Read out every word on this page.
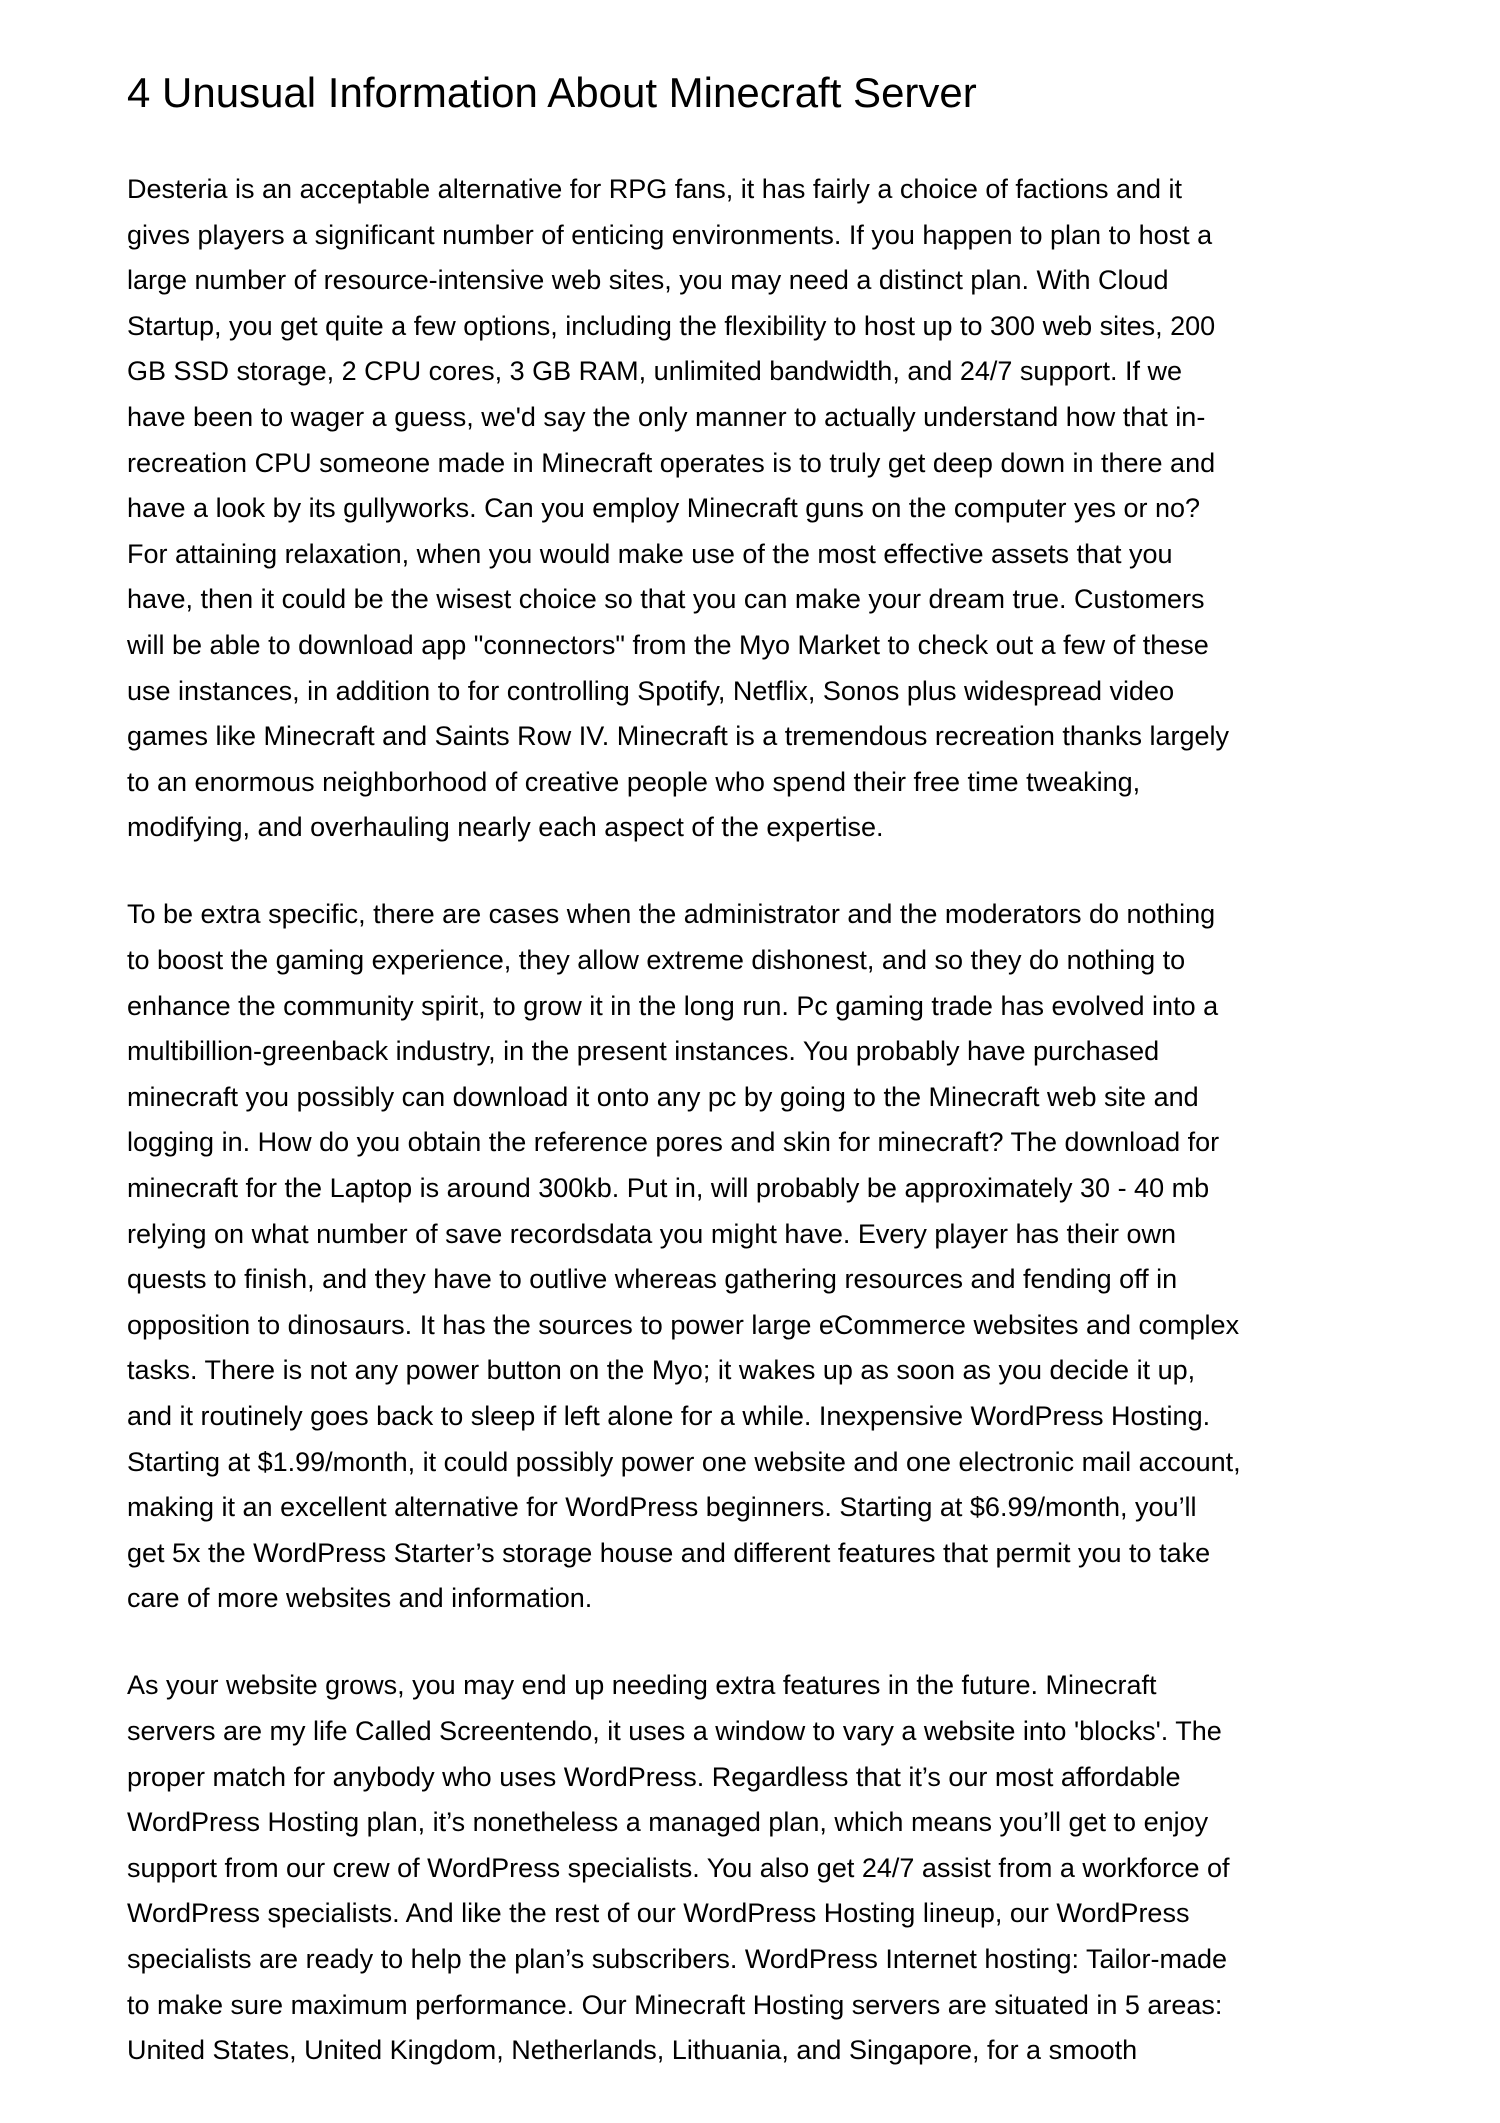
4 Unusual Information About Minecraft Server

Desteria is an acceptable alternative for RPG fans, it has fairly a choice of factions and it
gives players a significant number of enticing environments. If you happen to plan to host a
large number of resource-intensive web sites, you may need a distinct plan. With Cloud
Startup, you get quite a few options, including the flexibility to host up to 300 web sites, 200
GB SSD storage, 2 CPU cores, 3 GB RAM, unlimited bandwidth, and 24/7 support. If we
have been to wager a guess, we'd say the only manner to actually understand how that in-
recreation CPU someone made in Minecraft operates is to truly get deep down in there and
have a look by its gullyworks. Can you employ Minecraft guns on the computer yes or no?
For attaining relaxation, when you would make use of the most effective assets that you
have, then it could be the wisest choice so that you can make your dream true. Customers
will be able to download app "connectors" from the Myo Market to check out a few of these
use instances, in addition to for controlling Spotify, Netflix, Sonos plus widespread video
games like Minecraft and Saints Row IV. Minecraft is a tremendous recreation thanks largely
to an enormous neighborhood of creative people who spend their free time tweaking,
modifying, and overhauling nearly each aspect of the expertise.

To be extra specific, there are cases when the administrator and the moderators do nothing
to boost the gaming experience, they allow extreme dishonest, and so they do nothing to
enhance the community spirit, to grow it in the long run. Pc gaming trade has evolved into a
multibillion-greenback industry, in the present instances. You probably have purchased
minecraft you possibly can download it onto any pc by going to the Minecraft web site and
logging in. How do you obtain the reference pores and skin for minecraft? The download for
minecraft for the Laptop is around 300kb. Put in, will probably be approximately 30 - 40 mb
relying on what number of save recordsdata you might have. Every player has their own
quests to finish, and they have to outlive whereas gathering resources and fending off in
opposition to dinosaurs. It has the sources to power large eCommerce websites and complex
tasks. There is not any power button on the Myo; it wakes up as soon as you decide it up,
and it routinely goes back to sleep if left alone for a while. Inexpensive WordPress Hosting.
Starting at $1.99/month, it could possibly power one website and one electronic mail account,
making it an excellent alternative for WordPress beginners. Starting at $6.99/month, you’ll
get 5x the WordPress Starter’s storage house and different features that permit you to take
care of more websites and information.

As your website grows, you may end up needing extra features in the future. Minecraft
servers are my life Called Screentendo, it uses a window to vary a website into 'blocks'. The
proper match for anybody who uses WordPress. Regardless that it’s our most affordable
WordPress Hosting plan, it’s nonetheless a managed plan, which means you’ll get to enjoy
support from our crew of WordPress specialists. You also get 24/7 assist from a workforce of
WordPress specialists. And like the rest of our WordPress Hosting lineup, our WordPress
specialists are ready to help the plan’s subscribers. WordPress Internet hosting: Tailor-made
to make sure maximum performance. Our Minecraft Hosting servers are situated in 5 areas:
United States, United Kingdom, Netherlands, Lithuania, and Singapore, for a smooth
